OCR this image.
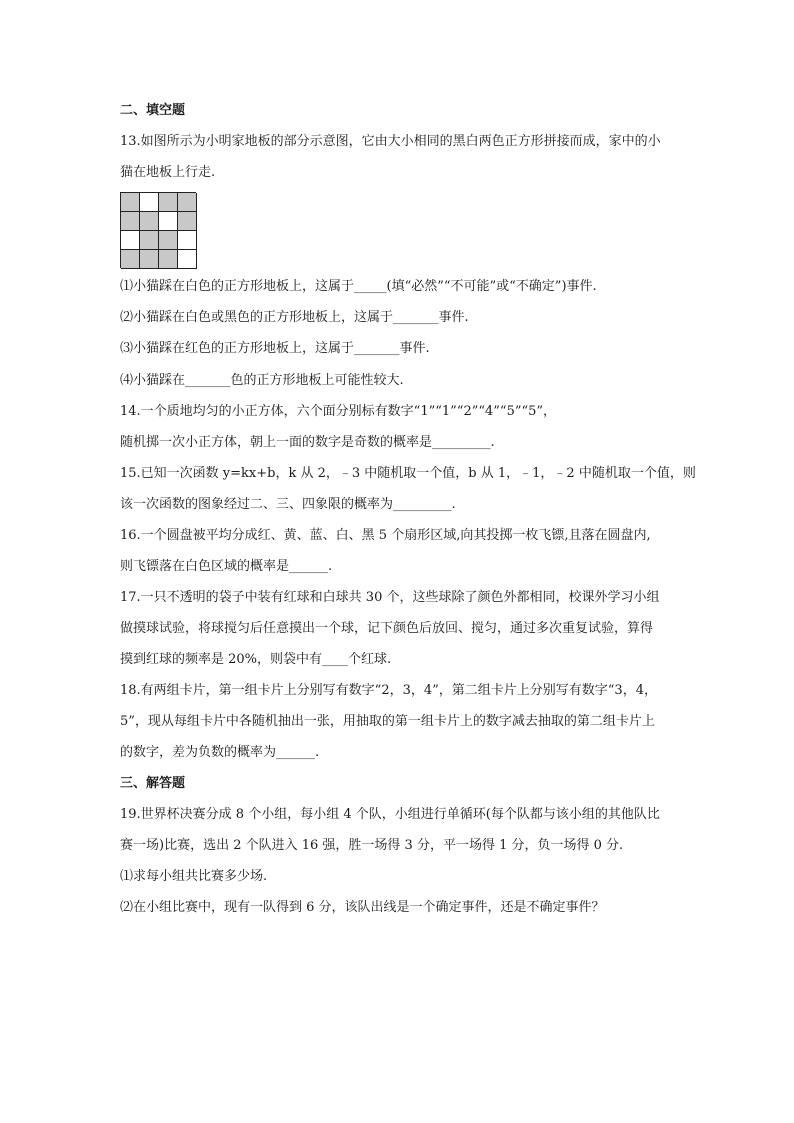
二、填空题
13.如图所示为小明家地板的部分示意图，它由大小相同的黑白两色正方形拼接而成，家中的小
猫在地板上行走.
⑴小猫踩在白色的正方形地板上，这属于_____(填“必然”“不可能”或“不确定”)事件.
⑵小猫踩在白色或黑色的正方形地板上，这属于_______事件.
⑶小猫踩在红色的正方形地板上，这属于_______事件.
⑷小猫踩在_______色的正方形地板上可能性较大.
14.一个质地均匀的小正方体，六个面分别标有数字“1”“1”“2”“4”“5”“5”，
随机掷一次小正方体，朝上一面的数字是奇数的概率是_________.
15.已知一次函数 y=kx+b，k 从 2，﹣3 中随机取一个值，b 从 1，﹣1，﹣2 中随机取一个值，则
该一次函数的图象经过二、三、四象限的概率为_________.
16.一个圆盘被平均分成红、黄、蓝、白、黑 5 个扇形区域,向其投掷一枚飞镖,且落在圆盘内,
则飞镖落在白色区域的概率是______.
17.一只不透明的袋子中装有红球和白球共 30 个，这些球除了颜色外都相同，校课外学习小组
做摸球试验，将球搅匀后任意摸出一个球，记下颜色后放回、搅匀，通过多次重复试验，算得
摸到红球的频率是 20%，则袋中有____个红球.
18.有两组卡片，第一组卡片上分别写有数字“2，3，4”，第二组卡片上分别写有数字“3，4，
5”，现从每组卡片中各随机抽出一张，用抽取的第一组卡片上的数字减去抽取的第二组卡片上
的数字，差为负数的概率为______.
三、解答题
19.世界杯决赛分成 8 个小组，每小组 4 个队，小组进行单循环(每个队都与该小组的其他队比
赛一场)比赛，选出 2 个队进入 16 强，胜一场得 3 分，平一场得 1 分，负一场得 0 分.
⑴求每小组共比赛多少场.
⑵在小组比赛中，现有一队得到 6 分，该队出线是一个确定事件，还是不确定事件？
